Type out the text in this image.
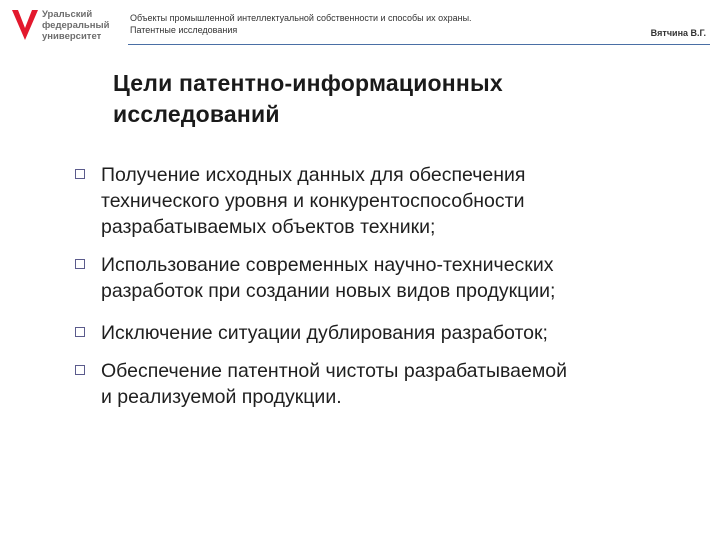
Уральский
федеральный
университет
Объекты промышленной интеллектуальной собственности и способы их охраны.
Патентные исследования	Вятчина В.Г.
Цели патентно-информационных
исследований
Получение исходных данных для обеспечения
технического уровня и конкурентоспособности
разрабатываемых объектов техники;
Использование современных научно-технических
разработок при создании новых видов продукции;
Исключение ситуации дублирования разработок;
Обеспечение патентной чистоты разрабатываемой
и реализуемой продукции.
